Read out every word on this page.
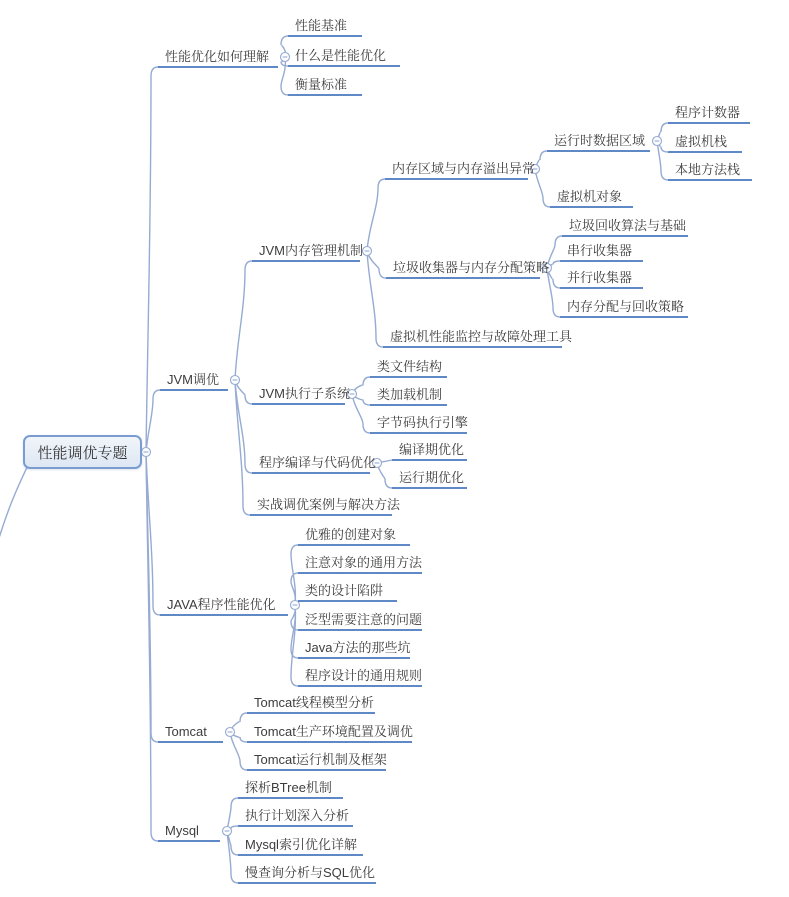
性能调优专题
性能优化如何理解
性能基准
什么是性能优化
衡量标准
JVM调优
JVM内存管理机制
内存区域与内存溢出异常
运行时数据区域
程序计数器
虚拟机栈
本地方法栈
虚拟机对象
垃圾收集器与内存分配策略
垃圾回收算法与基础
串行收集器
并行收集器
内存分配与回收策略
虚拟机性能监控与故障处理工具
JVM执行子系统
类文件结构
类加载机制
字节码执行引擎
程序编译与代码优化
编译期优化
运行期优化
实战调优案例与解决方法
JAVA程序性能优化
优雅的创建对象
注意对象的通用方法
类的设计陷阱
泛型需要注意的问题
Java方法的那些坑
程序设计的通用规则
Tomcat
Tomcat线程模型分析
Tomcat生产环境配置及调优
Tomcat运行机制及框架
Mysql
探析BTree机制
执行计划深入分析
Mysql索引优化详解
慢查询分析与SQL优化
